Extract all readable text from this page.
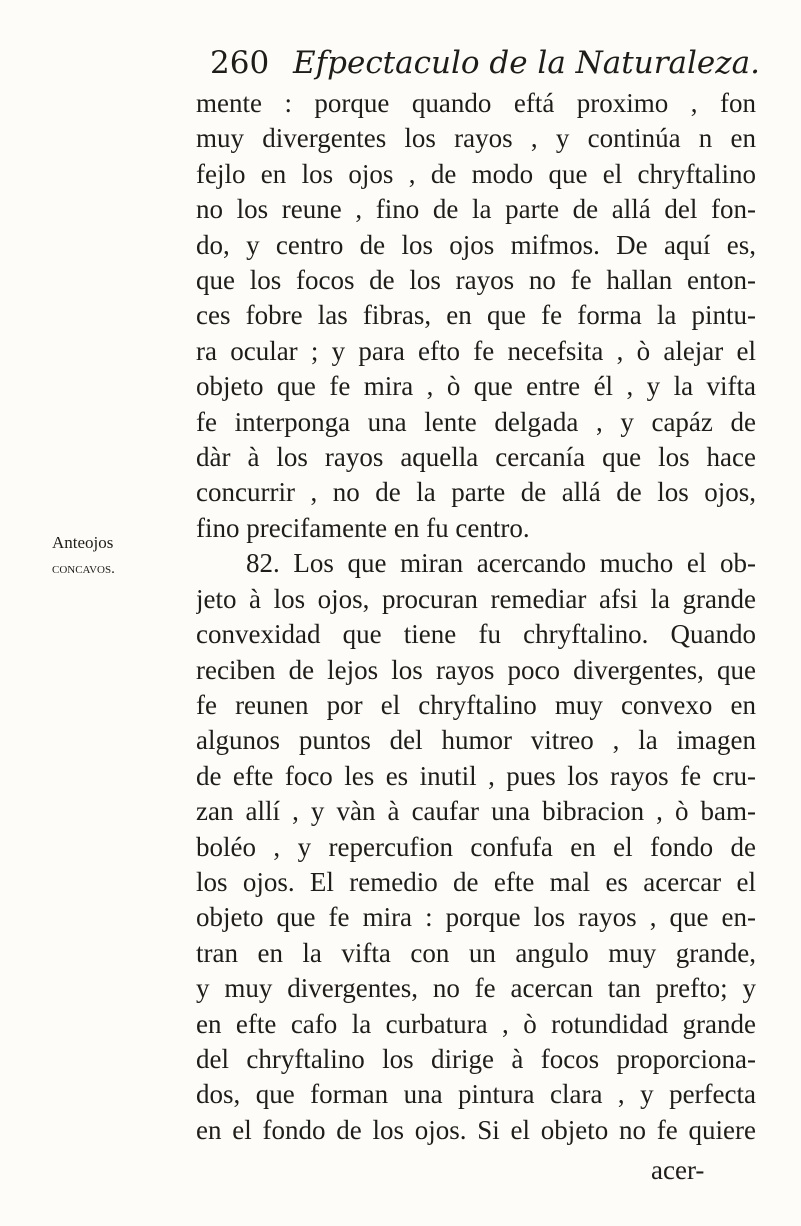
260 Efpectaculo de la Naturaleza.
Anteojos
concavos.
mente : porque quando eftá proximo , fon
muy divergentes los rayos , y continúa n en
fejlo en los ojos , de modo que el chryftalino
no los reune , fino de la parte de allá del fon-
do, y centro de los ojos mifmos. De aquí es,
que los focos de los rayos no fe hallan enton-
ces fobre las fibras, en que fe forma la pintu-
ra ocular ; y para efto fe necefsita , ò alejar el
objeto que fe mira , ò que entre él , y la vifta
fe interponga una lente delgada , y capáz de
dàr à los rayos aquella cercanía que los hace
concurrir , no de la parte de allá de los ojos,
fino precifamente en fu centro.
82. Los que miran acercando mucho el ob-
jeto à los ojos, procuran remediar afsi la grande
convexidad que tiene fu chryftalino. Quando
reciben de lejos los rayos poco divergentes, que
fe reunen por el chryftalino muy convexo en
algunos puntos del humor vitreo , la imagen
de efte foco les es inutil , pues los rayos fe cru-
zan allí , y vàn à caufar una bibracion , ò bam-
boléo , y repercufion confufa en el fondo de
los ojos. El remedio de efte mal es acercar el
objeto que fe mira : porque los rayos , que en-
tran en la vifta con un angulo muy grande,
y muy divergentes, no fe acercan tan prefto; y
en efte cafo la curbatura , ò rotundidad grande
del chryftalino los dirige à focos proporciona-
dos, que forman una pintura clara , y perfecta
en el fondo de los ojos. Si el objeto no fe quiere
acer-
